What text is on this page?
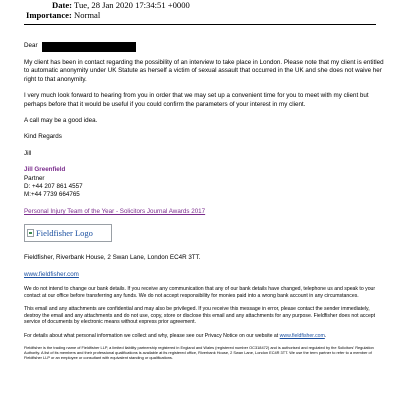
Date: Tue, 28 Jan 2020 17:34:51 +0000
Importance: Normal
Dear

My client has been in contact regarding the possibility of an interview to take place in London. Please note that my client is entitled to automatic anonymity under UK Statute as herself a victim of sexual assault that occurred in the UK and she does not waive her right to that anonymity.

I very much look forward to hearing from you in order that we may set up a convenient time for you to meet with my client but perhaps before that it would be useful if you could confirm the parameters of your interest in my client.

A call may be a good idea.

Kind Regards

Jill

Jill Greenfield
Partner
D: +44 207 861 4557
M:+44 7739 664765
Personal Injury Team of the Year - Solicitors Journal Awards 2017
Fieldfisher Logo
Fieldfisher, Riverbank House, 2 Swan Lane, London EC4R 3TT.
www.fieldfisher.com

We do not intend to change our bank details. If you receive any communication that any of our bank details have changed, telephone us and speak to your contact at our office before transferring any funds. We do not accept responsibility for monies paid into a wrong bank account in any circumstances.

This email and any attachments are confidential and may also be privileged. If you receive this message in error, please contact the sender immediately, destroy the email and any attachments and do not use, copy, store or disclose this email and any attachments for any purpose. Fieldfisher does not accept service of documents by electronic means without express prior agreement.

For details about what personal information we collect and why, please see our Privacy Notice on our website at www.fieldfisher.com.

Fieldfisher is the trading name of Fieldfisher LLP, a limited liability partnership registered in England and Wales (registered number OC318472) and is authorised and regulated by the Solicitors' Regulation Authority. A list of its members and their professional qualifications is available at its registered office, Riverbank House, 2 Swan Lane, London EC4R 3TT. We use the term partner to refer to a member of Fieldfisher LLP or an employee or consultant with equivalent standing or qualifications.
